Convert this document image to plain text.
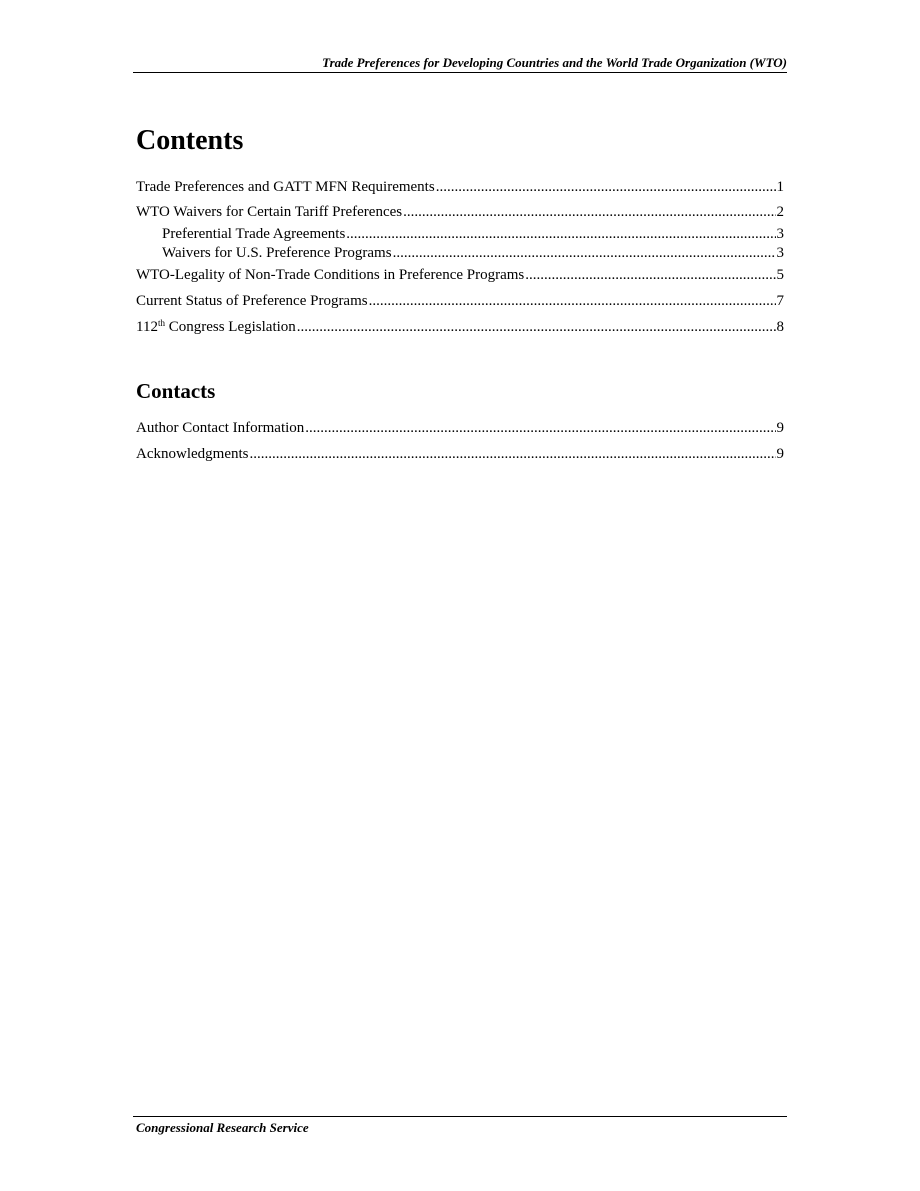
Trade Preferences for Developing Countries and the World Trade Organization (WTO)
Contents
Trade Preferences and GATT MFN Requirements .....	1
WTO Waivers for Certain Tariff Preferences .....	2
Preferential Trade Agreements .....	3
Waivers for U.S. Preference Programs .....	3
WTO-Legality of Non-Trade Conditions in Preference Programs .....	5
Current Status of Preference Programs .....	7
112th Congress Legislation .....	8
Contacts
Author Contact Information .....	9
Acknowledgments .....	9
Congressional Research Service
